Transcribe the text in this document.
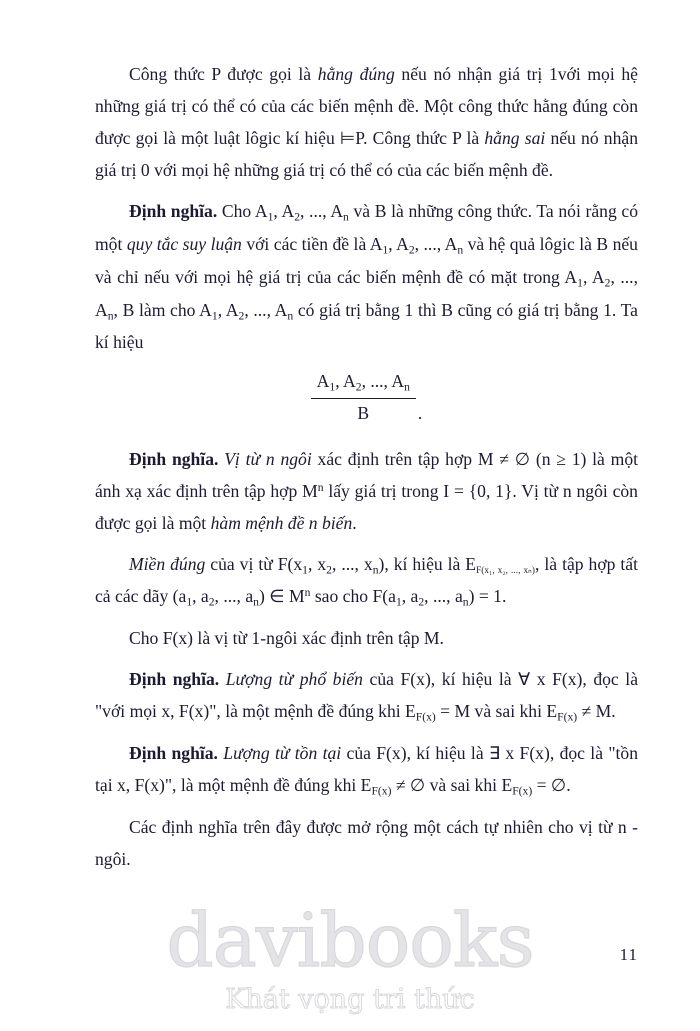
davibooks
Khát vọng tri thức

Công thức P được gọi là hằng đúng nếu nó nhận giá trị 1với mọi hệ những giá trị có thể có của các biến mệnh đề. Một công thức hằng đúng còn được gọi là một luật lôgic kí hiệu ⊨P. Công thức P là hằng sai nếu nó nhận giá trị 0 với mọi hệ những giá trị có thể có của các biến mệnh đề.

Định nghĩa. Cho $A_1$, $A_2$, ..., $A_n$ và B là những công thức. Ta nói rằng có một quy tắc suy luận với các tiền đề là $A_1$, $A_2$, ..., $A_n$ và hệ quả lôgic là B nếu và chỉ nếu với mọi hệ giá trị của các biến mệnh đề có mặt trong $A_1$, $A_2$, ..., $A_n$, B làm cho $A_1$, $A_2$, ..., $A_n$ có giá trị bằng 1 thì B cũng có giá trị bằng 1. Ta kí hiệu

$\frac{A_1, A_2, ..., A_n}{B}$ .

Định nghĩa. Vị từ n ngôi xác định trên tập hợp M ≠ ∅ (n ≥ 1) là một ánh xạ xác định trên tập hợp $M^n$ lấy giá trị trong I = {0, 1}. Vị từ n ngôi còn được gọi là một hàm mệnh đề n biến.

Miền đúng của vị từ $F(x_1$, $x_2$, ..., $x_n$), kí hiệu là EF(x₁, x₂, ..., xₙ), là tập hợp tất cả các dãy ($a_1$, $a_2$, ..., $a_n$) ∈ $M^n$ sao cho $F(a_1$, $a_2$, ..., $a_n) = 1$.

Cho F(x) là vị từ 1-ngôi xác định trên tập M.

Định nghĩa. Lượng từ phổ biến của F(x), kí hiệu là ∀ x F(x), đọc là "với mọi x, F(x)", là một mệnh đề đúng khi $E_{F(x)} = M$ và sai khi $E_{F(x)} \ne M$.

Định nghĩa. Lượng từ tồn tại của F(x), kí hiệu là ∃ x F(x), đọc là "tồn tại x, F(x)", là một mệnh đề đúng khi $E_{F(x)}$ ≠ ∅ và sai khi $E_{F(x)}$ = ∅.

Các định nghĩa trên đây được mở rộng một cách tự nhiên cho vị từ n - ngôi.

11
